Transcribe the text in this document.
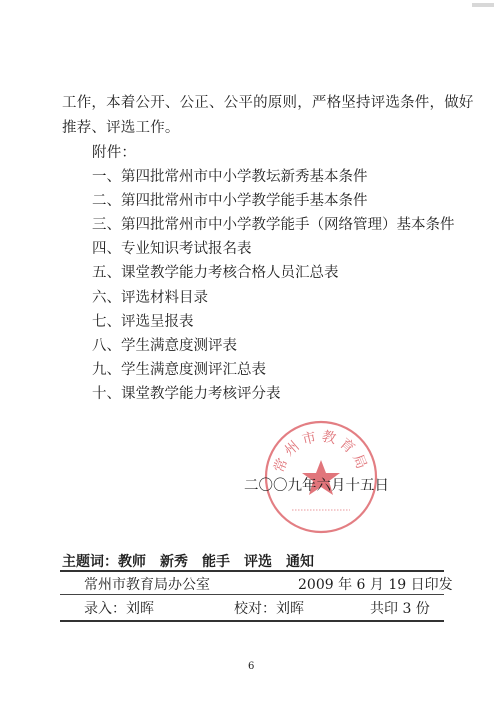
工作，本着公开、公正、公平的原则，严格坚持评选条件，做好
推荐、评选工作。
附件：
一、第四批常州市中小学教坛新秀基本条件
二、第四批常州市中小学教学能手基本条件
三、第四批常州市中小学教学能手（网络管理）基本条件
四、专业知识考试报名表
五、课堂教学能力考核合格人员汇总表
六、评选材料目录
七、评选呈报表
八、学生满意度测评表
九、学生满意度测评汇总表
十、课堂教学能力考核评分表
常州市教育局
二〇〇九年六月十五日
主题词：教师 新秀 能手 评选 通知
常州市教育局办公室	2009 年 6 月 19 日印发
录入：刘晖	校对：刘晖	共印 3 份
6
